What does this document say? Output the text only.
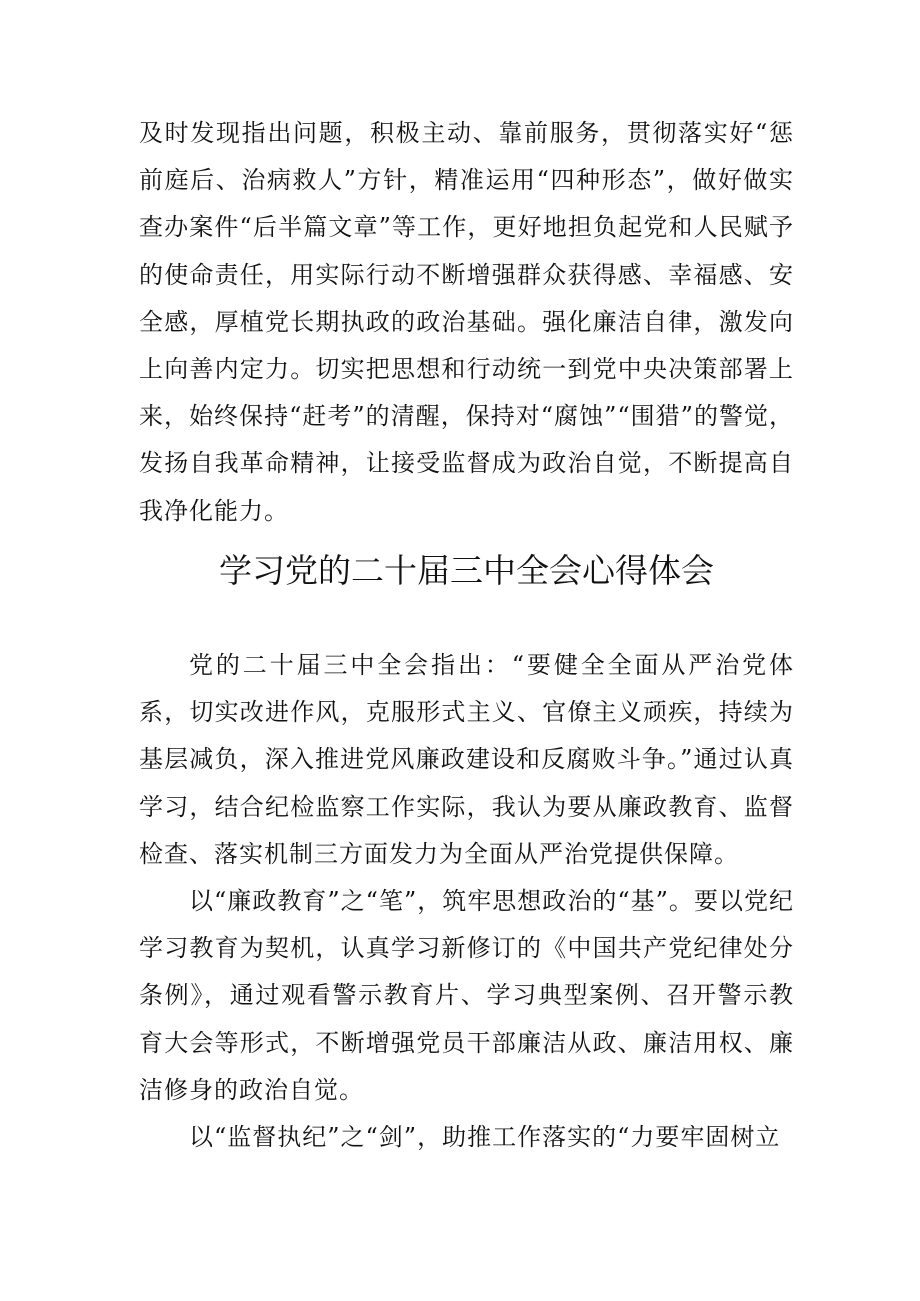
及时发现指出问题，积极主动、靠前服务，贯彻落实好“惩前庭后、治病救人”方针，精准运用“四种形态”，做好做实查办案件“后半篇文章”等工作，更好地担负起党和人民赋予的使命责任，用实际行动不断增强群众获得感、幸福感、安全感，厚植党长期执政的政治基础。强化廉洁自律，激发向上向善内定力。切实把思想和行动统一到党中央决策部署上来，始终保持“赶考”的清醒，保持对“腐蚀”“围猎”的警觉，发扬自我革命精神，让接受监督成为政治自觉，不断提高自我净化能力。

学习党的二十届三中全会心得体会

党的二十届三中全会指出：“要健全全面从严治党体系，切实改进作风，克服形式主义、官僚主义顽疾，持续为基层减负，深入推进党风廉政建设和反腐败斗争。”通过认真学习，结合纪检监察工作实际，我认为要从廉政教育、监督检查、落实机制三方面发力为全面从严治党提供保障。

以“廉政教育”之“笔”，筑牢思想政治的“基”。要以党纪学习教育为契机，认真学习新修订的《中国共产党纪律处分条例》，通过观看警示教育片、学习典型案例、召开警示教育大会等形式，不断增强党员干部廉洁从政、廉洁用权、廉洁修身的政治自觉。

以“监督执纪”之“剑”，助推工作落实的“力要牢固树立
